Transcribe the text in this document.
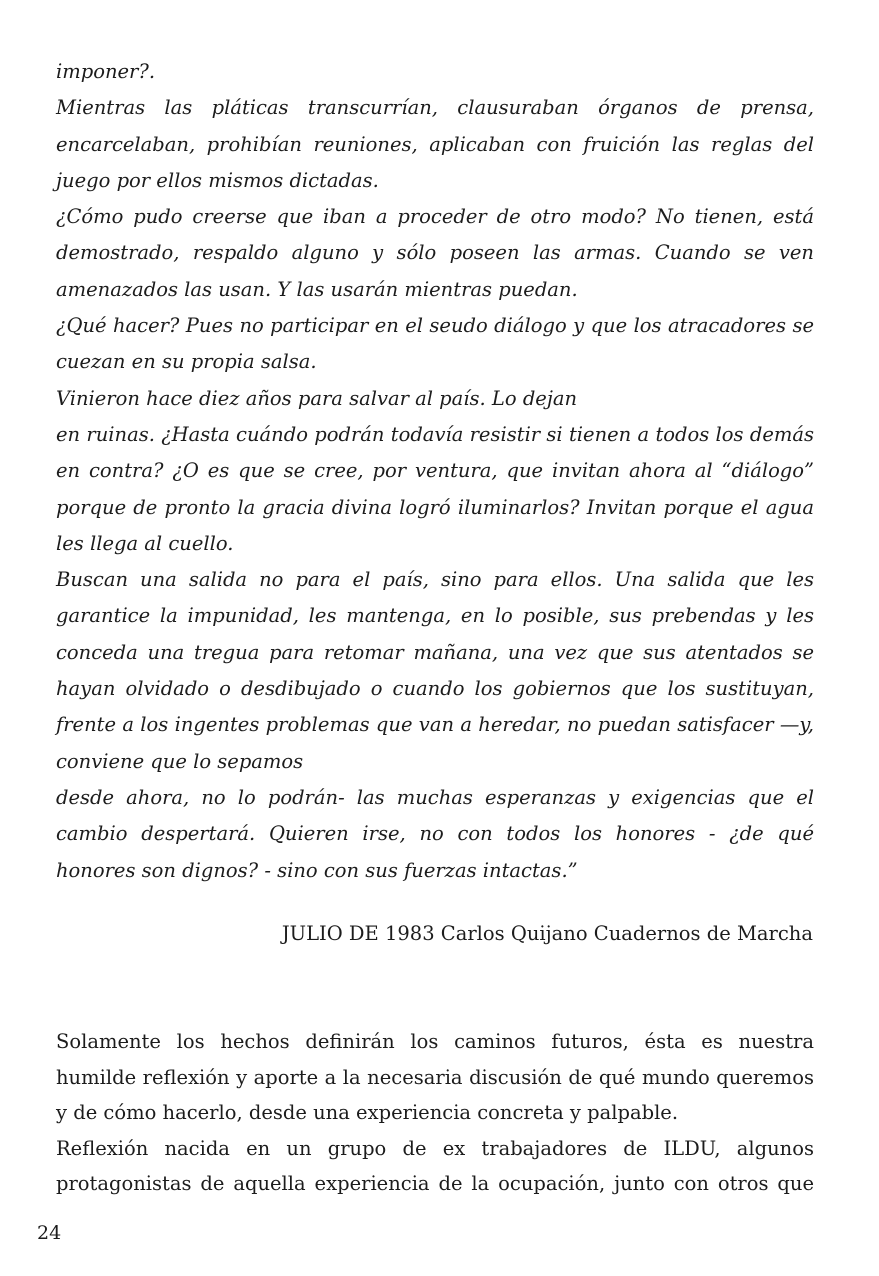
imponer?.

Mientras las pláticas transcurrían, clausuraban órganos de prensa, encarcelaban, prohibían reuniones, aplicaban con fruición las reglas del juego por ellos mismos dictadas.

¿Cómo pudo creerse que iban a proceder de otro modo? No tienen, está demostrado, respaldo alguno y sólo poseen las armas. Cuando se ven amenazados las usan. Y las usarán mientras puedan.

¿Qué hacer? Pues no participar en el seudo diálogo y que los atracadores se cuezan en su propia salsa.

Vinieron hace diez años para salvar al país. Lo dejan

en ruinas. ¿Hasta cuándo podrán todavía resistir si tienen a todos los demás en contra? ¿O es que se cree, por ventura, que invitan ahora al “diálogo” porque de pronto la gracia divina logró iluminarlos? Invitan porque el agua les llega al cuello.

Buscan una salida no para el país, sino para ellos. Una salida que les garantice la impunidad, les mantenga, en lo posible, sus prebendas y les conceda una tregua para retomar mañana, una vez que sus atentados se hayan olvidado o desdibujado o cuando los gobiernos que los sustituyan, frente a los ingentes problemas que van a heredar, no puedan satisfacer —y, conviene que lo sepamos

desde ahora, no lo podrán- las muchas esperanzas y exigencias que el cambio despertará. Quieren irse, no con todos los honores - ¿de qué honores son dignos? - sino con sus fuerzas intactas.”

JULIO DE 1983 Carlos Quijano Cuadernos de Marcha

Solamente los hechos definirán los caminos futuros, ésta es nuestra humilde reflexión y aporte a la necesaria discusión de qué mundo queremos y de cómo hacerlo, desde una experiencia concreta y palpable.

Reflexión nacida en un grupo de ex trabajadores de ILDU, algunos protagonistas de aquella experiencia de la ocupación, junto con otros que

24
